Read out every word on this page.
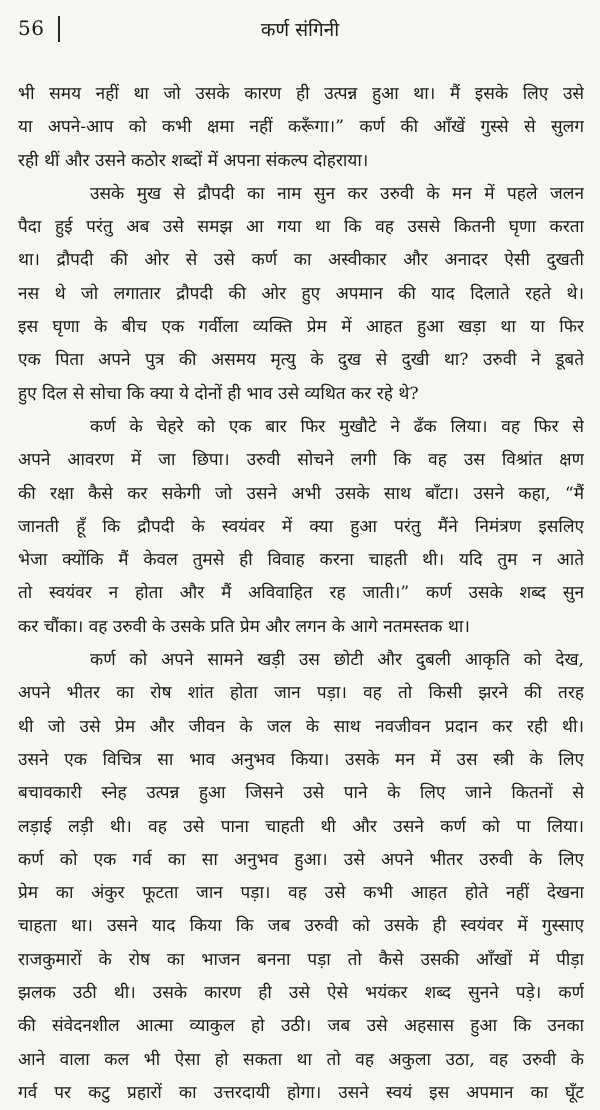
56	कर्ण संगिनी
भी समय नहीं था जो उसके कारण ही उत्पन्न हुआ था। मैं इसके लिए उसे
या अपने-आप को कभी क्षमा नहीं करूँगा।” कर्ण की आँखें गुस्से से सुलग
रही थीं और उसने कठोर शब्दों में अपना संकल्प दोहराया।
उसके मुख से द्रौपदी का नाम सुन कर उरुवी के मन में पहले जलन
पैदा हुई परंतु अब उसे समझ आ गया था कि वह उससे कितनी घृणा करता
था। द्रौपदी की ओर से उसे कर्ण का अस्वीकार और अनादर ऐसी दुखती
नस थे जो लगातार द्रौपदी की ओर हुए अपमान की याद दिलाते रहते थे।
इस घृणा के बीच एक गर्वीला व्यक्ति प्रेम में आहत हुआ खड़ा था या फिर
एक पिता अपने पुत्र की असमय मृत्यु के दुख से दुखी था? उरुवी ने डूबते
हुए दिल से सोचा कि क्या ये दोनों ही भाव उसे व्यथित कर रहे थे?
कर्ण के चेहरे को एक बार फिर मुखौटे ने ढँक लिया। वह फिर से
अपने आवरण में जा छिपा। उरुवी सोचने लगी कि वह उस विश्रांत क्षण
की रक्षा कैसे कर सकेगी जो उसने अभी उसके साथ बाँटा। उसने कहा, “मैं
जानती हूँ कि द्रौपदी के स्वयंवर में क्या हुआ परंतु मैंने निमंत्रण इसलिए
भेजा क्योंकि मैं केवल तुमसे ही विवाह करना चाहती थी। यदि तुम न आते
तो स्वयंवर न होता और मैं अविवाहित रह जाती।” कर्ण उसके शब्द सुन
कर चौंका। वह उरुवी के उसके प्रति प्रेम और लगन के आगे नतमस्तक था।
कर्ण को अपने सामने खड़ी उस छोटी और दुबली आकृति को देख,
अपने भीतर का रोष शांत होता जान पड़ा। वह तो किसी झरने की तरह
थी जो उसे प्रेम और जीवन के जल के साथ नवजीवन प्रदान कर रही थी।
उसने एक विचित्र सा भाव अनुभव किया। उसके मन में उस स्त्री के लिए
बचावकारी स्नेह उत्पन्न हुआ जिसने उसे पाने के लिए जाने कितनों से
लड़ाई लड़ी थी। वह उसे पाना चाहती थी और उसने कर्ण को पा लिया।
कर्ण को एक गर्व का सा अनुभव हुआ। उसे अपने भीतर उरुवी के लिए
प्रेम का अंकुर फूटता जान पड़ा। वह उसे कभी आहत होते नहीं देखना
चाहता था। उसने याद किया कि जब उरुवी को उसके ही स्वयंवर में गुस्साए
राजकुमारों के रोष का भाजन बनना पड़ा तो कैसे उसकी आँखों में पीड़ा
झलक उठी थी। उसके कारण ही उसे ऐसे भयंकर शब्द सुनने पड़े। कर्ण
की संवेदनशील आत्मा व्याकुल हो उठी। जब उसे अहसास हुआ कि उनका
आने वाला कल भी ऐसा हो सकता था तो वह अकुला उठा, वह उरुवी के
गर्व पर कटु प्रहारों का उत्तरदायी होगा। उसने स्वयं इस अपमान का घूँट
